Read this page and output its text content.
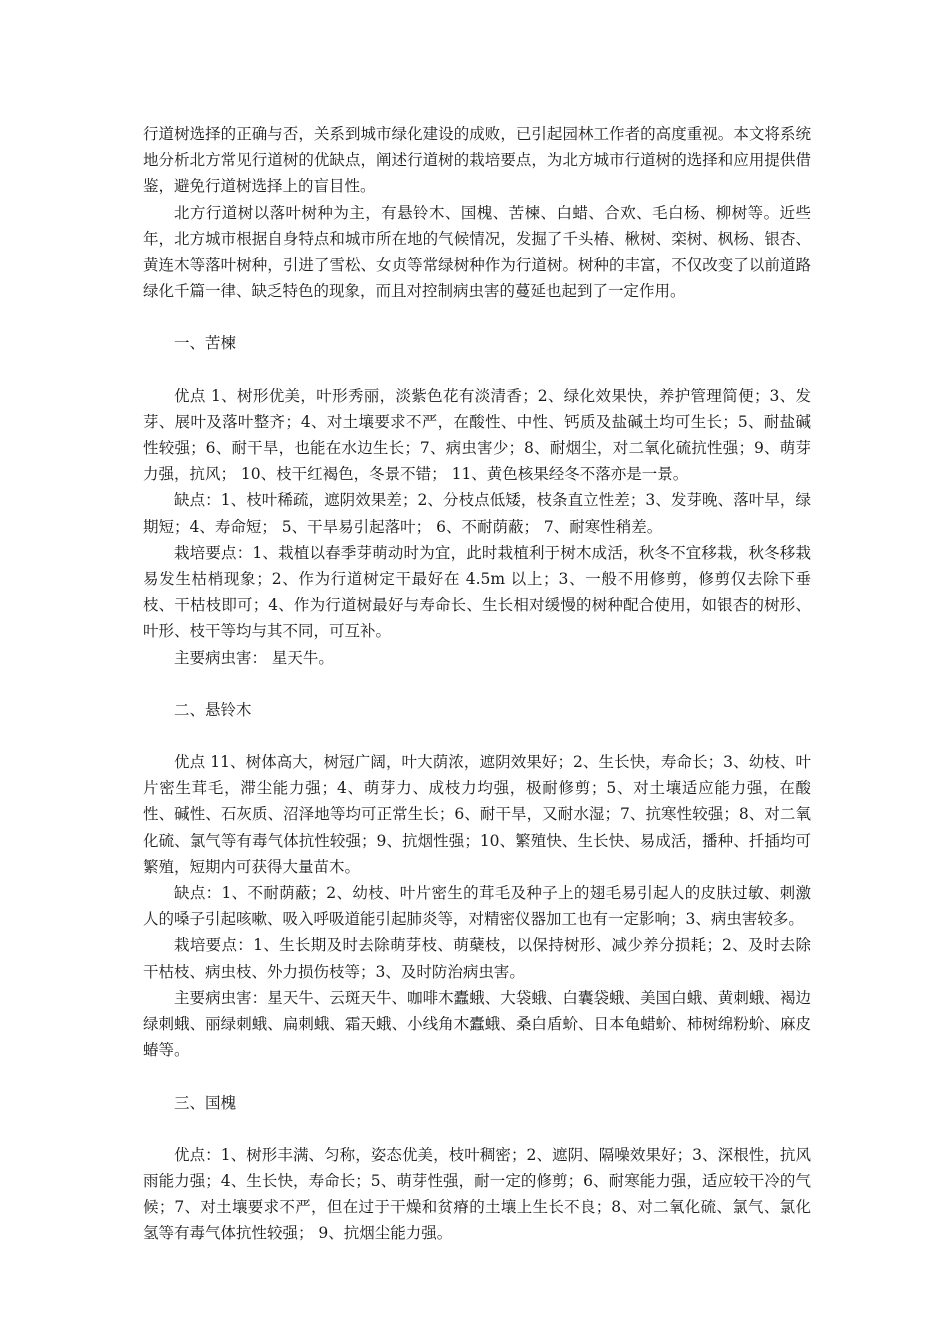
行道树选择的正确与否，关系到城市绿化建设的成败，已引起园林工作者的高度重视。本文将系统地分析北方常见行道树的优缺点，阐述行道树的栽培要点，为北方城市行道树的选择和应用提供借鉴，避免行道树选择上的盲目性。

北方行道树以落叶树种为主，有悬铃木、国槐、苦楝、白蜡、合欢、毛白杨、柳树等。近些年，北方城市根据自身特点和城市所在地的气候情况，发掘了千头椿、楸树、栾树、枫杨、银杏、黄连木等落叶树种，引进了雪松、女贞等常绿树种作为行道树。树种的丰富，不仅改变了以前道路绿化千篇一律、缺乏特色的现象，而且对控制病虫害的蔓延也起到了一定作用。

一、苦楝

优点 1、树形优美，叶形秀丽，淡紫色花有淡清香；2、绿化效果快，养护管理简便；3、发芽、展叶及落叶整齐；4、对土壤要求不严，在酸性、中性、钙质及盐碱土均可生长；5、耐盐碱性较强；6、耐干旱，也能在水边生长；7、病虫害少；8、耐烟尘，对二氧化硫抗性强；9、萌芽力强，抗风； 10、枝干红褐色，冬景不错； 11、黄色核果经冬不落亦是一景。

缺点：1、枝叶稀疏，遮阴效果差；2、分枝点低矮，枝条直立性差；3、发芽晚、落叶早，绿期短；4、寿命短； 5、干旱易引起落叶； 6、不耐荫蔽； 7、耐寒性稍差。

栽培要点：1、栽植以春季芽萌动时为宜，此时栽植利于树木成活，秋冬不宜移栽，秋冬移栽易发生枯梢现象；2、作为行道树定干最好在 4.5m 以上；3、一般不用修剪，修剪仅去除下垂枝、干枯枝即可；4、作为行道树最好与寿命长、生长相对缓慢的树种配合使用，如银杏的树形、叶形、枝干等均与其不同，可互补。

主要病虫害： 星天牛。

二、悬铃木

优点 11、树体高大，树冠广阔，叶大荫浓，遮阴效果好；2、生长快，寿命长；3、幼枝、叶片密生茸毛，滞尘能力强；4、萌芽力、成枝力均强，极耐修剪；5、对土壤适应能力强，在酸性、碱性、石灰质、沼泽地等均可正常生长；6、耐干旱，又耐水湿；7、抗寒性较强；8、对二氧化硫、氯气等有毒气体抗性较强；9、抗烟性强；10、繁殖快、生长快、易成活，播种、扦插均可繁殖，短期内可获得大量苗木。

缺点：1、不耐荫蔽；2、幼枝、叶片密生的茸毛及种子上的翅毛易引起人的皮肤过敏、刺激人的嗓子引起咳嗽、吸入呼吸道能引起肺炎等，对精密仪器加工也有一定影响；3、病虫害较多。

栽培要点：1、生长期及时去除萌芽枝、萌蘖枝，以保持树形、减少养分损耗；2、及时去除干枯枝、病虫枝、外力损伤枝等；3、及时防治病虫害。

主要病虫害：星天牛、云斑天牛、咖啡木蠹蛾、大袋蛾、白囊袋蛾、美国白蛾、黄刺蛾、褐边绿刺蛾、丽绿刺蛾、扁刺蛾、霜天蛾、小线角木蠹蛾、桑白盾蚧、日本龟蜡蚧、柿树绵粉蚧、麻皮蝽等。

三、国槐

优点：1、树形丰满、匀称，姿态优美，枝叶稠密；2、遮阴、隔噪效果好；3、深根性，抗风雨能力强；4、生长快，寿命长；5、萌芽性强，耐一定的修剪；6、耐寒能力强，适应较干冷的气候；7、对土壤要求不严，但在过于干燥和贫瘠的土壤上生长不良；8、对二氧化硫、氯气、氯化氢等有毒气体抗性较强； 9、抗烟尘能力强。
